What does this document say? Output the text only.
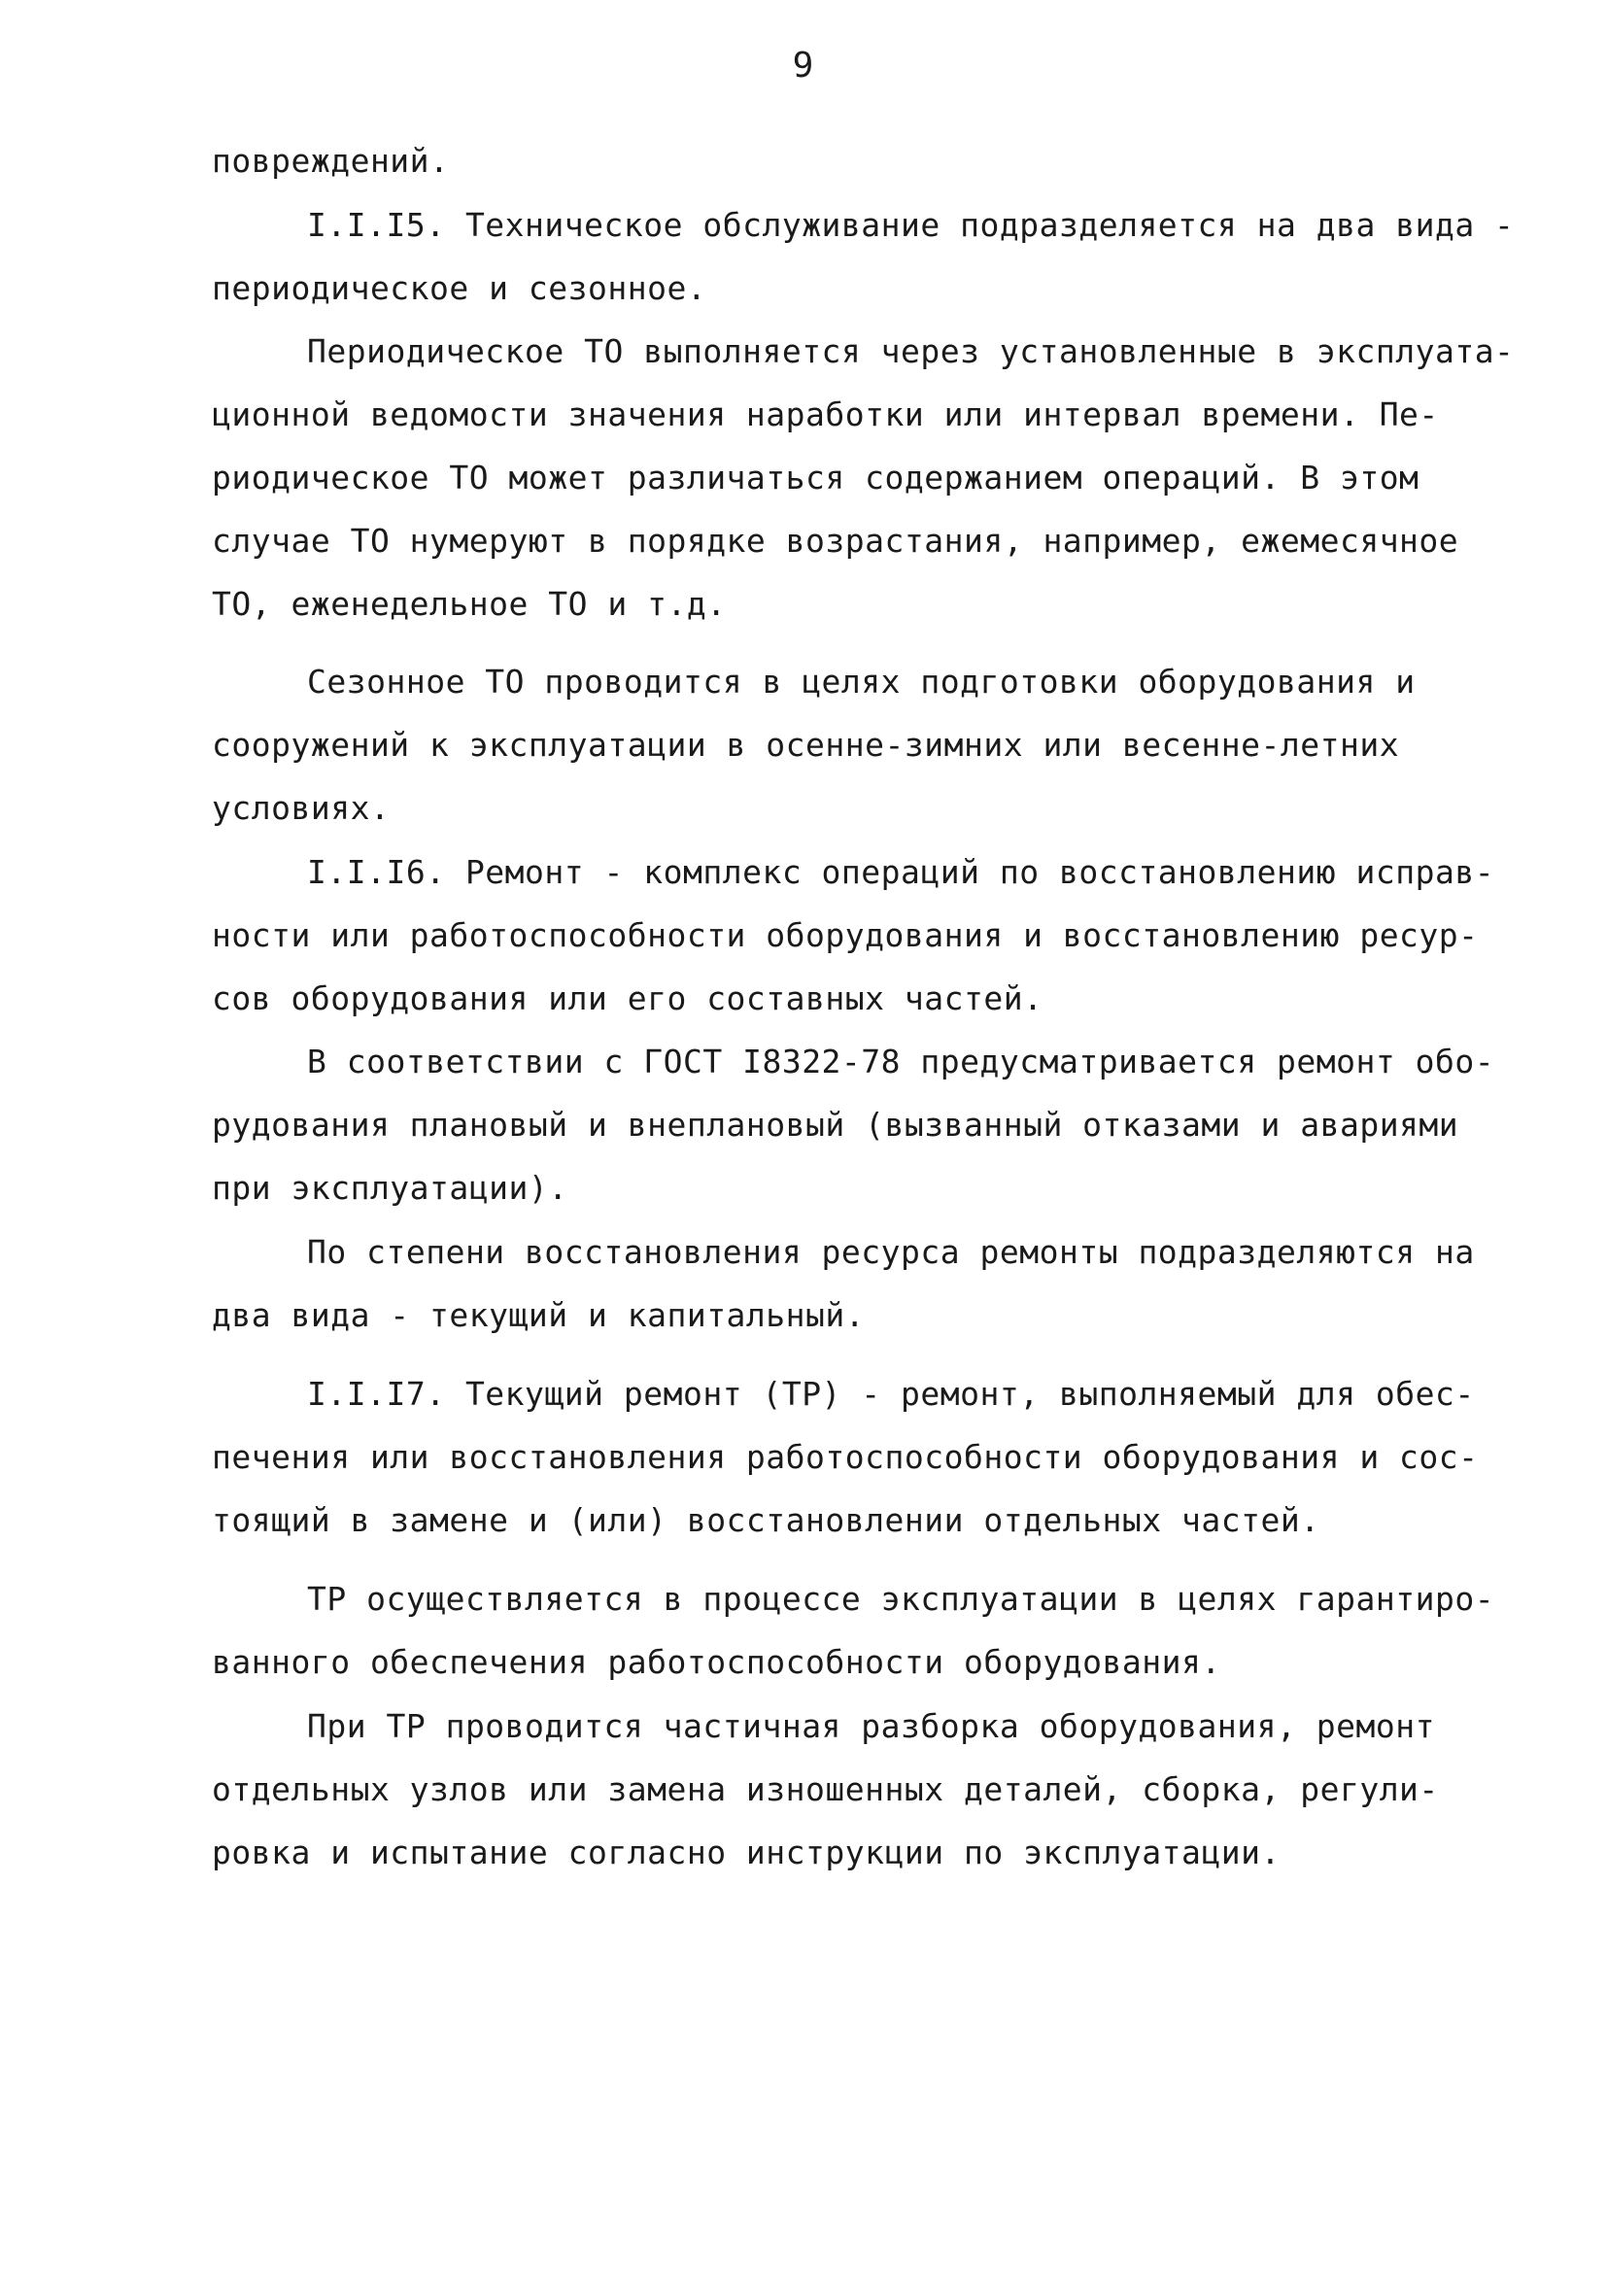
9
повреждений.
I.I.I5. Техническое обслуживание подразделяется на два вида -
периодическое и сезонное.
Периодическое ТО выполняется через установленные в эксплуата-
ционной ведомости значения наработки или интервал времени. Пе-
риодическое ТО может различаться содержанием операций. В этом
случае ТО нумеруют в порядке возрастания, например, ежемесячное
ТО, еженедельное ТО и т.д.
Сезонное ТО проводится в целях подготовки оборудования и
сооружений к эксплуатации в осенне-зимних или весенне-летних
условиях.
I.I.I6. Ремонт - комплекс операций по восстановлению исправ-
ности или работоспособности оборудования и восстановлению ресур-
сов оборудования или его составных частей.
В соответствии с ГОСТ I8322-78 предусматривается ремонт обо-
рудования плановый и внеплановый (вызванный отказами и авариями
при эксплуатации).
По степени восстановления ресурса ремонты подразделяются на
два вида - текущий и капитальный.
I.I.I7. Текущий ремонт (ТР) - ремонт, выполняемый для обес-
печения или восстановления работоспособности оборудования и сос-
тоящий в замене и (или) восстановлении отдельных частей.
ТР осуществляется в процессе эксплуатации в целях гарантиро-
ванного обеспечения работоспособности оборудования.
При ТР проводится частичная разборка оборудования, ремонт
отдельных узлов или замена изношенных деталей, сборка, регули-
ровка и испытание согласно инструкции по эксплуатации.
